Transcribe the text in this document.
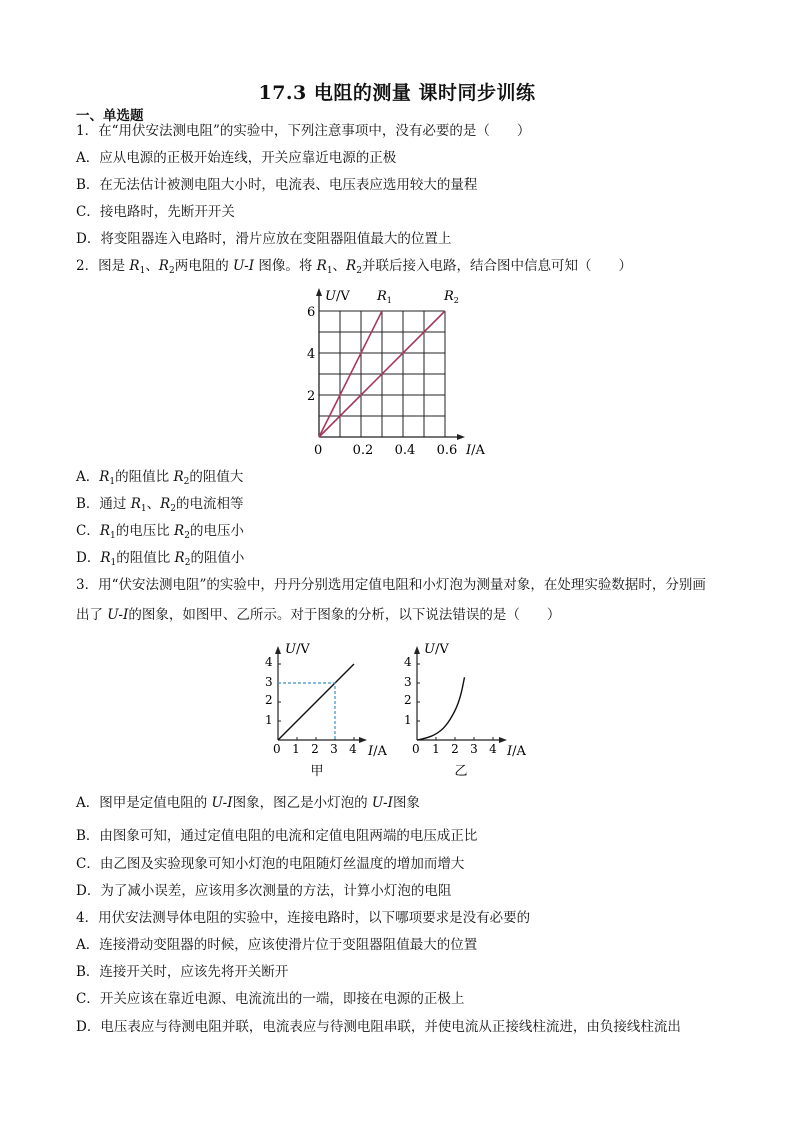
17.3 电阻的测量 课时同步训练
一、单选题
1．在“用伏安法测电阻”的实验中，下列注意事项中，没有必要的是（　　）
A．应从电源的正极开始连线，开关应靠近电源的正极
B．在无法估计被测电阻大小时，电流表、电压表应选用较大的量程
C．接电路时，先断开开关
D．将变阻器连入电路时，滑片应放在变阻器阻值最大的位置上
2．图是 $R_1$、$R_2$两电阻的 U-I 图像。将 $R_1$、$R_2$并联后接入电路，结合图中信息可知（　　）
U/V
I/A
0 0.2 0.4 0.6
2
4
6
$R_1$	$R_2$
A．$R_1$的阻值比 $R_2$的阻值大
B．通过 $R_1$、$R_2$的电流相等
C．$R_1$的电压比 $R_2$的电压小
D．$R_1$的阻值比 $R_2$的阻值小
3．用“伏安法测电阻”的实验中，丹丹分别选用定值电阻和小灯泡为测量对象，在处理实验数据时，分别画
出了 U-I的图象，如图甲、乙所示。对于图象的分析，以下说法错误的是（　　）
U/V
I/A
0 1 2 3 4
1
2
3
4
甲
U/V
I/A
0 1 2 3 4
1
2
3
4
乙
A．图甲是定值电阻的 U-I图象，图乙是小灯泡的 U-I图象
B．由图象可知，通过定值电阻的电流和定值电阻两端的电压成正比
C．由乙图及实验现象可知小灯泡的电阻随灯丝温度的增加而增大
D．为了减小误差，应该用多次测量的方法，计算小灯泡的电阻
4．用伏安法测导体电阻的实验中，连接电路时，以下哪项要求是没有必要的
A．连接滑动变阻器的时候，应该使滑片位于变阻器阻值最大的位置
B．连接开关时，应该先将开关断开
C．开关应该在靠近电源、电流流出的一端，即接在电源的正极上
D．电压表应与待测电阻并联，电流表应与待测电阻串联，并使电流从正接线柱流进，由负接线柱流出
